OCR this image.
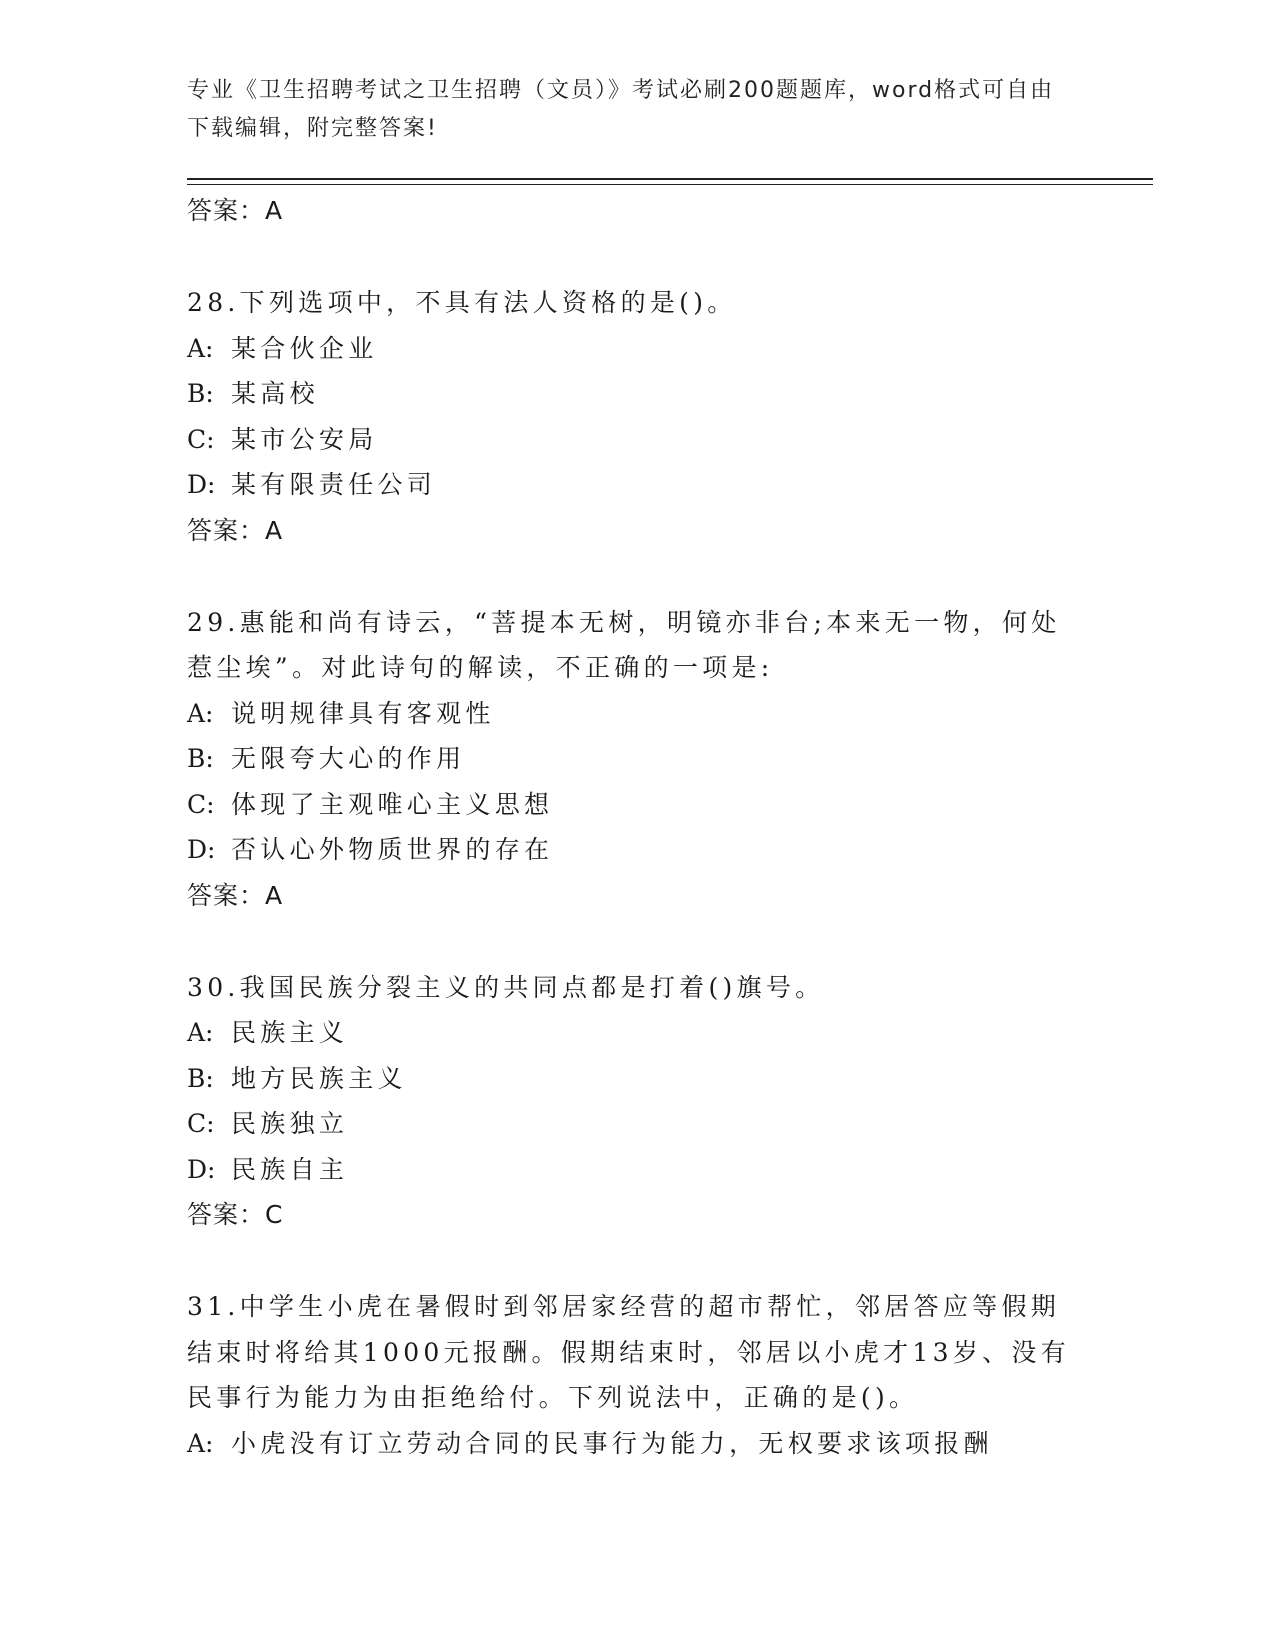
专业《卫生招聘考试之卫生招聘（文员）》考试必刷200题题库，word格式可自由下载编辑，附完整答案!
答案：A
28.下列选项中，不具有法人资格的是()。
A: 某合伙企业
B: 某高校
C: 某市公安局
D: 某有限责任公司
答案：A
29.惠能和尚有诗云，“菩提本无树，明镜亦非台;本来无一物，何处惹尘埃”。对此诗句的解读，不正确的一项是:
A: 说明规律具有客观性
B: 无限夸大心的作用
C: 体现了主观唯心主义思想
D: 否认心外物质世界的存在
答案：A
30.我国民族分裂主义的共同点都是打着()旗号。
A: 民族主义
B: 地方民族主义
C: 民族独立
D: 民族自主
答案：C
31.中学生小虎在暑假时到邻居家经营的超市帮忙，邻居答应等假期结束时将给其1000元报酬。假期结束时，邻居以小虎才13岁、没有民事行为能力为由拒绝给付。下列说法中，正确的是()。
A: 小虎没有订立劳动合同的民事行为能力，无权要求该项报酬
